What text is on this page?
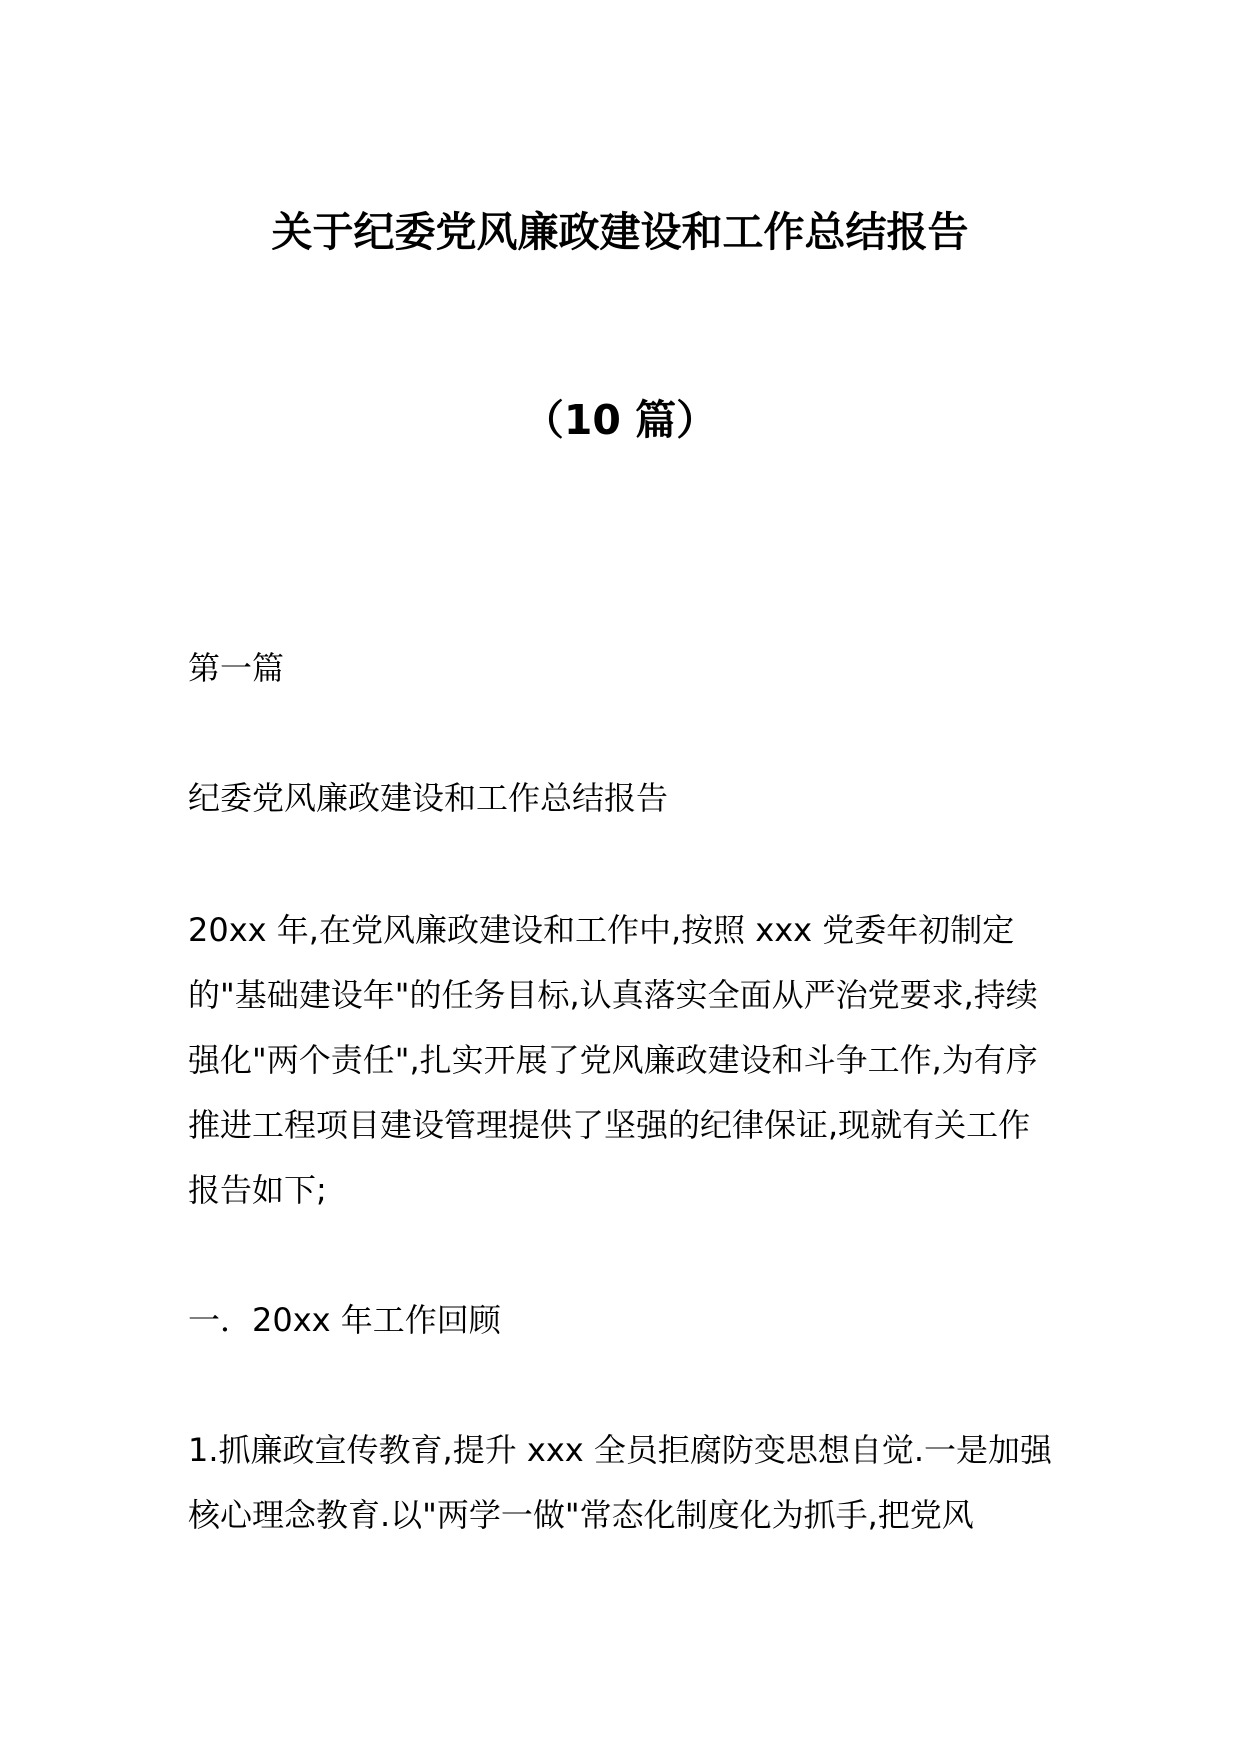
关于纪委党风廉政建设和工作总结报告
（10 篇）

第一篇

纪委党风廉政建设和工作总结报告

20xx 年,在党风廉政建设和工作中,按照 xxx 党委年初制定的"基础建设年"的任务目标,认真落实全面从严治党要求,持续强化"两个责任",扎实开展了党风廉政建设和斗争工作,为有序推进工程项目建设管理提供了坚强的纪律保证,现就有关工作报告如下;

一．20xx 年工作回顾

1.抓廉政宣传教育,提升 xxx 全员拒腐防变思想自觉.一是加强核心理念教育.以"两学一做"常态化制度化为抓手,把党风
